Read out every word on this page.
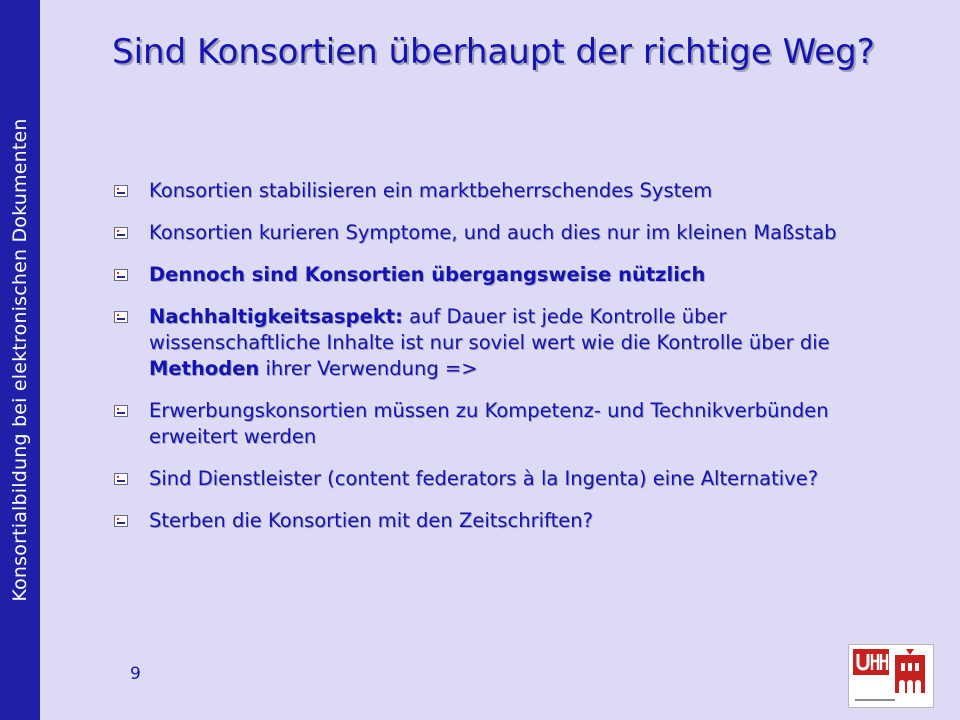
Konsortialbildung bei elektronischen Dokumenten
Sind Konsortien überhaupt der richtige Weg?
Konsortien stabilisieren ein marktbeherrschendes System
Konsortien kurieren Symptome, und auch dies nur im kleinen Maßstab
Dennoch sind Konsortien übergangsweise nützlich
Nachhaltigkeitsaspekt: auf Dauer ist jede Kontrolle über wissenschaftliche Inhalte ist nur soviel wert wie die Kontrolle über die Methoden ihrer Verwendung =>
Erwerbungskonsortien müssen zu Kompetenz- und Technikverbünden erweitert werden
Sind Dienstleister (content federators à la Ingenta) eine Alternative?
Sterben die Konsortien mit den Zeitschriften?
9
